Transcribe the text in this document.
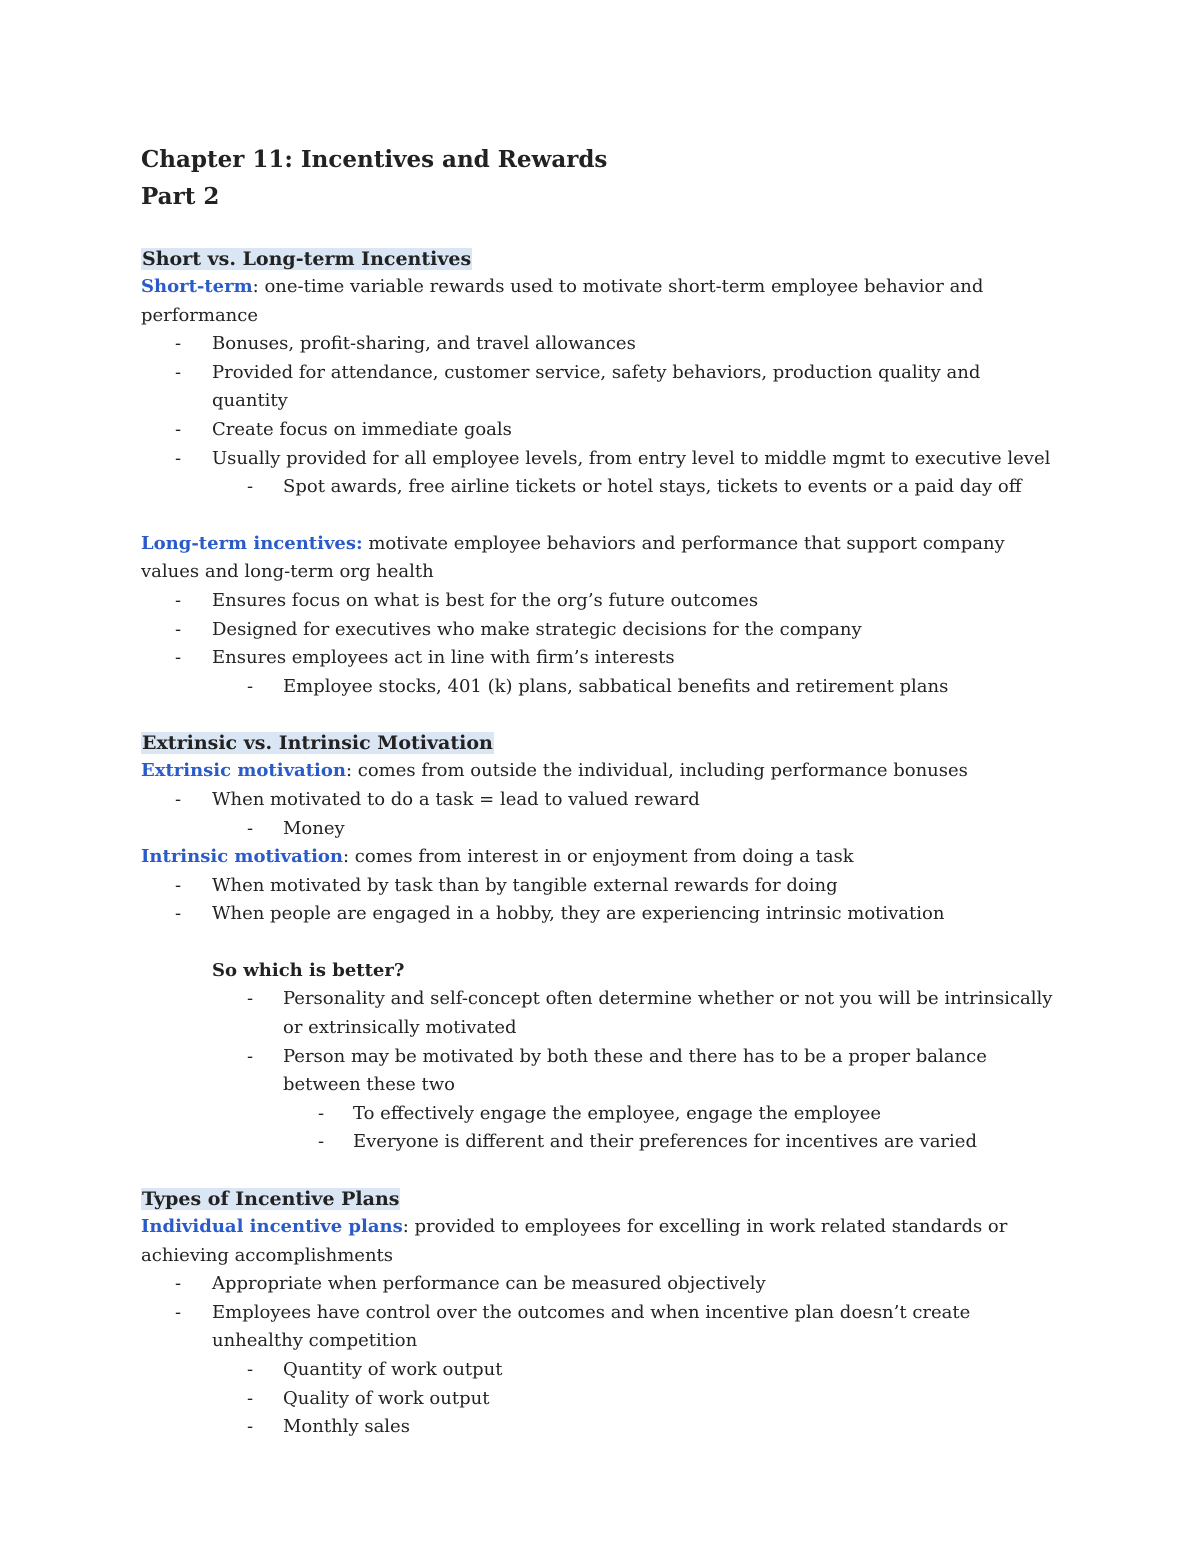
Chapter 11: Incentives and Rewards

Part 2

Short vs. Long-term Incentives

Short-term: one-time variable rewards used to motivate short-term employee behavior and performance

- Bonuses, profit-sharing, and travel allowances
- Provided for attendance, customer service, safety behaviors, production quality and quantity
- Create focus on immediate goals
- Usually provided for all employee levels, from entry level to middle mgmt to executive level
- Spot awards, free airline tickets or hotel stays, tickets to events or a paid day off

Long-term incentives: motivate employee behaviors and performance that support company values and long-term org health

- Ensures focus on what is best for the org’s future outcomes
- Designed for executives who make strategic decisions for the company
- Ensures employees act in line with firm’s interests
- Employee stocks, 401 (k) plans, sabbatical benefits and retirement plans

Extrinsic vs. Intrinsic Motivation

Extrinsic motivation: comes from outside the individual, including performance bonuses

- When motivated to do a task = lead to valued reward
- Money

Intrinsic motivation: comes from interest in or enjoyment from doing a task

- When motivated by task than by tangible external rewards for doing
- When people are engaged in a hobby, they are experiencing intrinsic motivation

So which is better?

- Personality and self-concept often determine whether or not you will be intrinsically or extrinsically motivated
- Person may be motivated by both these and there has to be a proper balance between these two
- To effectively engage the employee, engage the employee
- Everyone is different and their preferences for incentives are varied

Types of Incentive Plans

Individual incentive plans: provided to employees for excelling in work related standards or achieving accomplishments

- Appropriate when performance can be measured objectively
- Employees have control over the outcomes and when incentive plan doesn’t create unhealthy competition
- Quantity of work output
- Quality of work output
- Monthly sales
